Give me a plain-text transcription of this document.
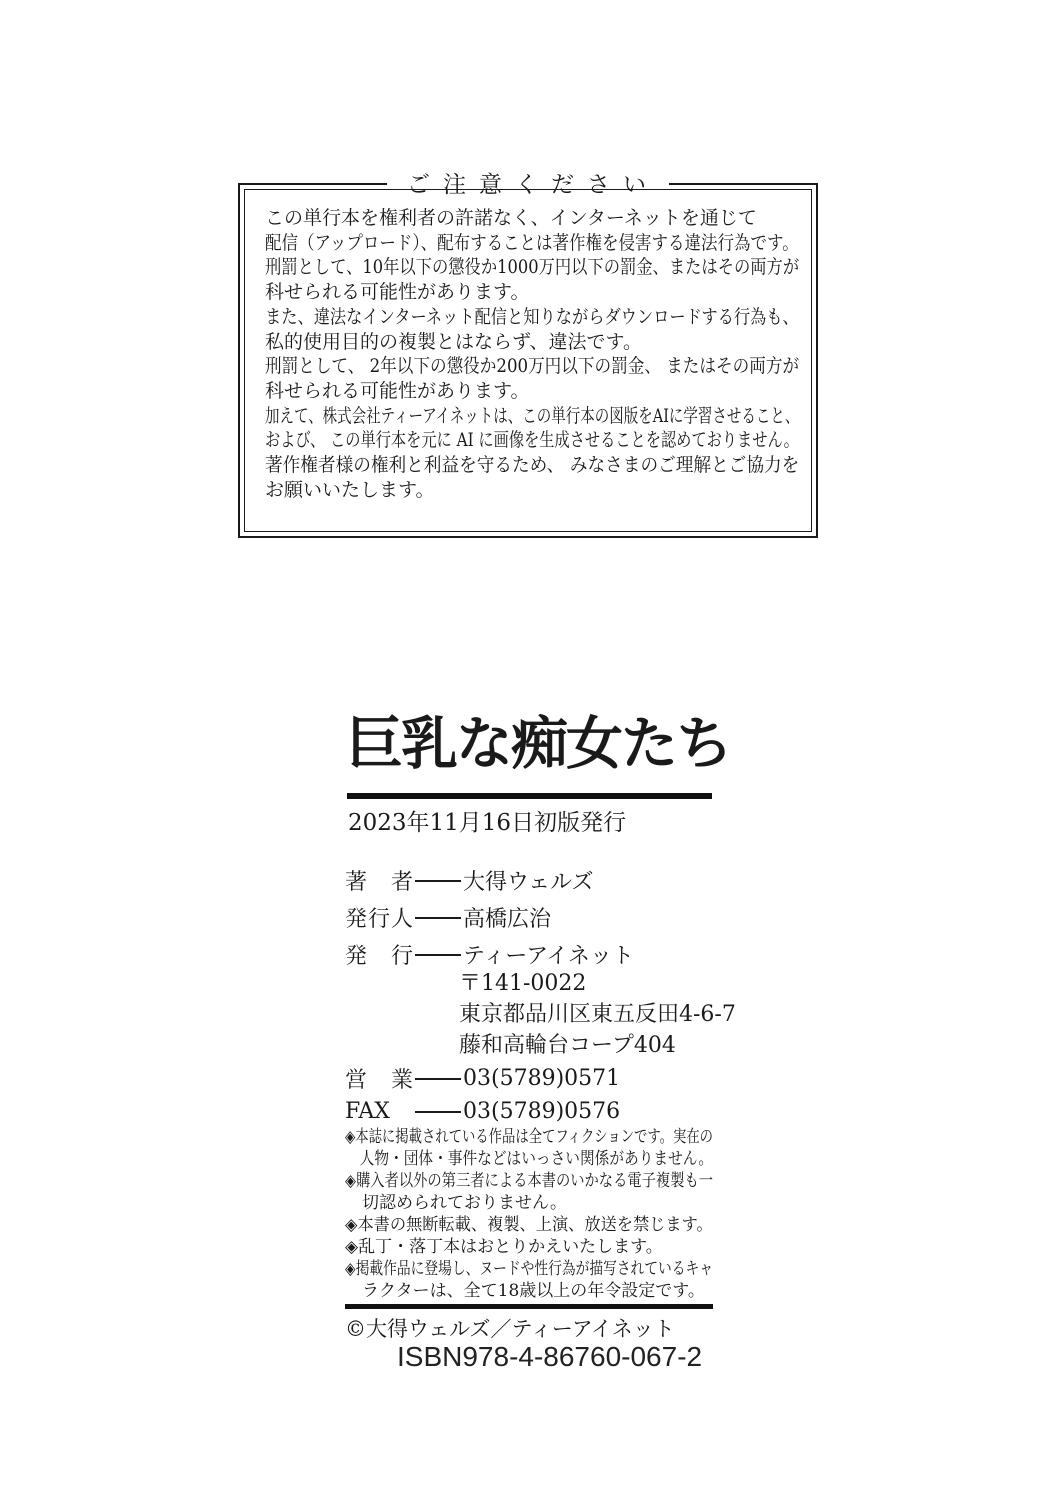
ご注意ください
この単行本を権利者の許諾なく、インターネットを通じて
配信（アップロード）、配布することは著作権を侵害する違法行為です。
刑罰として、10年以下の懲役か1000万円以下の罰金、またはその両方が
科せられる可能性があります。
また、違法なインターネット配信と知りながらダウンロードする行為も、
私的使用目的の複製とはならず、違法です。
刑罰として、 2年以下の懲役か200万円以下の罰金、 またはその両方が
科せられる可能性があります。
加えて、株式会社ティーアイネットは、この単行本の図版をAIに学習させること、
および、 この単行本を元に AI に画像を生成させることを認めておりません。
著作権者様の権利と利益を守るため、 みなさまのご理解とご協力を
お願いいたします。
巨乳な痴女たち
2023年11月16日初版発行
著者 大得ウェルズ
発行人 高橋広治
発行 ティーアイネット
〒141-0022
東京都品川区東五反田4-6-7
藤和高輪台コープ404
営業 03(5789)0571
FAX	03(5789)0576
◈本誌に掲載されている作品は全てフィクションです。実在の
人物・団体・事件などはいっさい関係がありません。
◈購入者以外の第三者による本書のいかなる電子複製も一
切認められておりません。
◈本書の無断転載、複製、上演、放送を禁じます。
◈乱丁・落丁本はおとりかえいたします。
◈掲載作品に登場し、ヌードや性行為が描写されているキャ
ラクターは、全て18歳以上の年令設定です。
©大得ウェルズ／ティーアイネット
ISBN978-4-86760-067-2
